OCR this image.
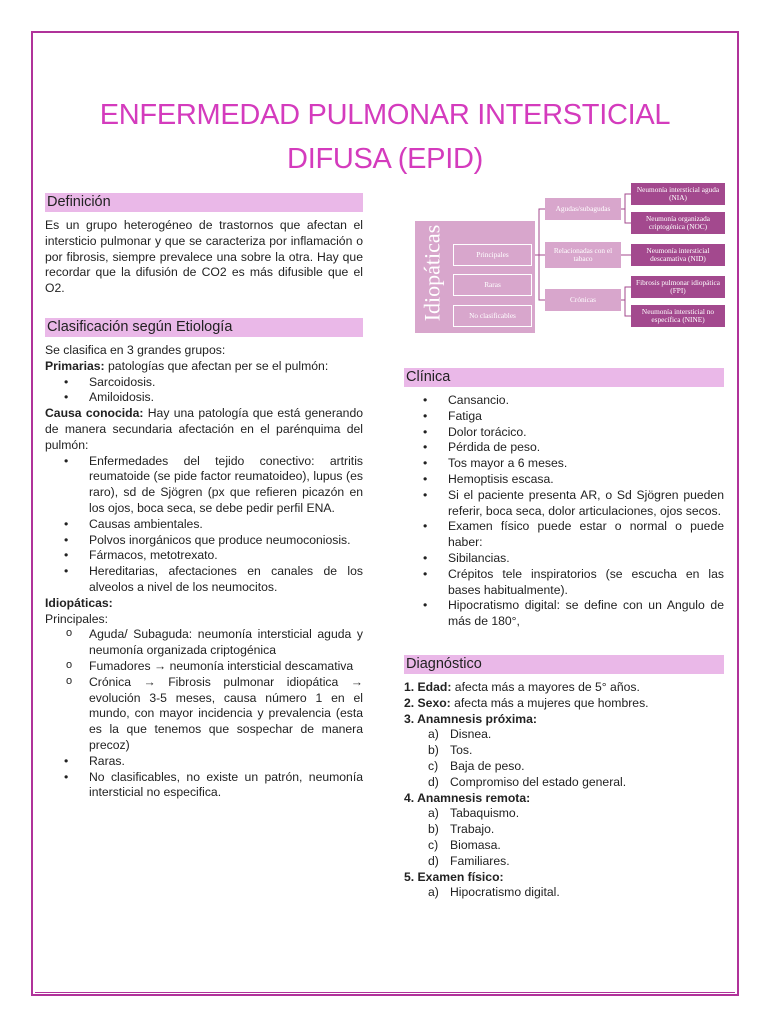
ENFERMEDAD PULMONAR INTERSTICIAL
DIFUSA (EPID)
Definición

Es un grupo heterogéneo de trastornos que afectan el intersticio pulmonar y que se caracteriza por inflamación o por fibrosis, siempre prevalece una sobre la otra. Hay que recordar que la difusión de CO2 es más difusible que el O2.

Clasificación según Etiología

Se clasifica en 3 grandes grupos:

Primarias: patologías que afectan per se el pulmón:

• Sarcoidosis.
• Amiloidosis.

Causa conocida: Hay una patología que está generando de manera secundaria afectación en el parénquima del pulmón:

• Enfermedades del tejido conectivo: artritis reumatoide (se pide factor reumatoideo), lupus (es raro), sd de Sjögren (px que refieren picazón en los ojos, boca seca, se debe pedir perfil ENA.
• Causas ambientales.
• Polvos inorgánicos que produce neumoconiosis.
• Fármacos, metotrexato.
• Hereditarias, afectaciones en canales de los alveolos a nivel de los neumocitos.

Idiopáticas:

Principales:

o Aguda/ Subaguda: neumonía intersticial aguda y neumonía organizada criptogénica
o Fumadores → neumonía intersticial descamativa
o Crónica → Fibrosis pulmonar idiopática → evolución 3-5 meses, causa número 1 en el mundo, con mayor incidencia y prevalencia (esta es la que tenemos que sospechar de manera precoz)
• Raras.
• No clasificables, no existe un patrón, neumonía intersticial no especifica.
Idiopáticas	Principales
Raras
No clasificables
Agudas/subagudas
Relacionadas con el tabaco
Crónicas
Neumonía intersticial aguda (NIA)
Neumonía organizada criptogénica (NOC)
Neumonía intersticial descamativa (NID)
Fibrosis pulmonar idiopática (FPI)
Neumonía intersticial no específica (NINE)
Clínica
• Cansancio.
• Fatiga
• Dolor torácico.
• Pérdida de peso.
• Tos mayor a 6 meses.
• Hemoptisis escasa.
• Si el paciente presenta AR, o Sd Sjögren pueden referir, boca seca, dolor articulaciones, ojos secos.
• Examen físico puede estar o normal o puede haber:
• Sibilancias.
• Crépitos tele inspiratorios (se escucha en las bases habitualmente).
• Hipocratismo digital: se define con un Angulo de más de 180°,
Diagnóstico

1. Edad: afecta más a mayores de 5° años.

2. Sexo: afecta más a mujeres que hombres.

3. Anamnesis próxima:

a) Disnea.
b) Tos.
c) Baja de peso.
d) Compromiso del estado general.

4. Anamnesis remota:

a) Tabaquismo.
b) Trabajo.
c) Biomasa.
d) Familiares.

5. Examen físico:

a) Hipocratismo digital.
